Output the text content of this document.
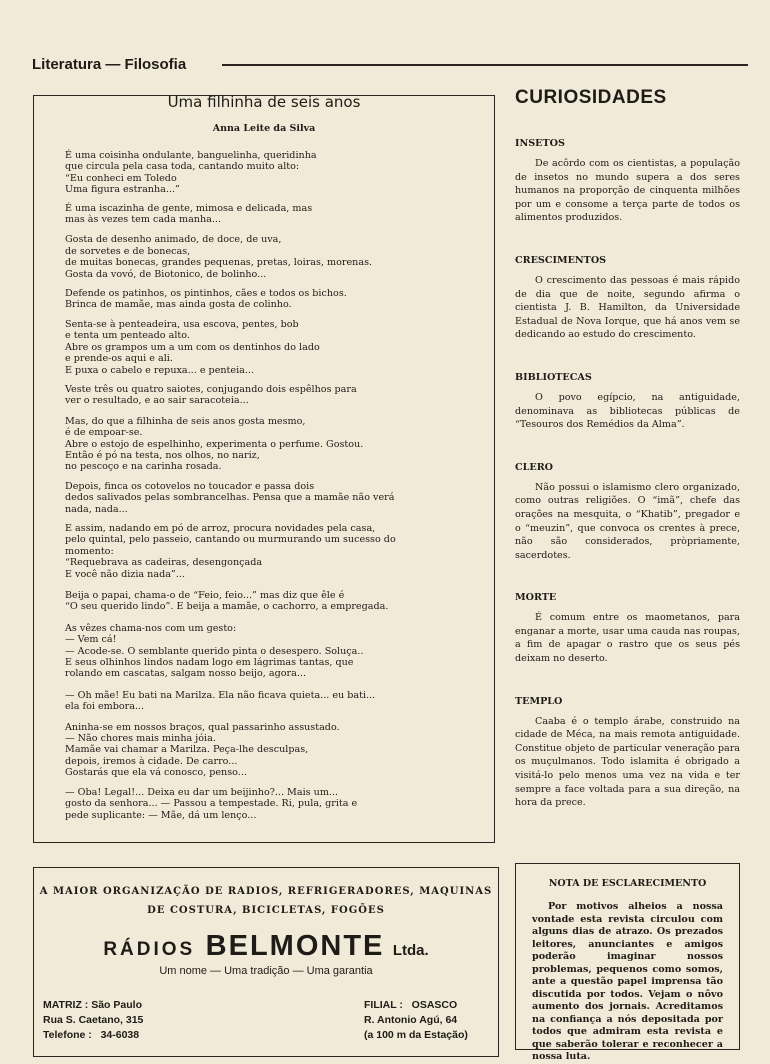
Literatura — Filosofia
Uma filhinha de seis anos
Anna Leite da Silva

É uma coisinha ondulante, banguelinha, queridinha
que circula pela casa toda, cantando muito alto:
“Eu conheci em Toledo
Uma figura estranha...”

É uma iscazinha de gente, mimosa e delicada, mas
mas às vezes tem cada manha...

Gosta de desenho animado, de doce, de uva,
de sorvetes e de bonecas,
de muitas bonecas, grandes pequenas, pretas, loiras, morenas.
Gosta da vovó, de Biotonico, de bolinho...

Defende os patinhos, os pintinhos, cães e todos os bichos.
Brinca de mamãe, mas ainda gosta de colinho.

Senta-se à penteadeira, usa escova, pentes, bob
e tenta um penteado alto.
Abre os grampos um a um com os dentinhos do lado
e prende-os aqui e ali.
E puxa o cabelo e repuxa... e penteia...

Veste três ou quatro saiotes, conjugando dois espêlhos para
ver o resultado, e ao sair saracoteia...

Mas, do que a filhinha de seis anos gosta mesmo,
é de empoar-se.
Abre o estojo de espelhinho, experimenta o perfume. Gostou.
Então é pó na testa, nos olhos, no nariz,
no pescoço e na carinha rosada.

Depois, finca os cotovelos no toucador e passa dois
dedos salivados pelas sombrancelhas. Pensa que a mamãe não verá
nada, nada...

E assim, nadando em pó de arroz, procura novidades pela casa,
pelo quintal, pelo passeio, cantando ou murmurando um sucesso do
momento:
“Requebrava as cadeiras, desengonçada
E você não dizia nada”...

Beija o papai, chama-o de “Feio, feio...” mas diz que êle é
“O seu querido lindo”. E beija a mamãe, o cachorro, a empregada.

As vêzes chama-nos com um gesto:
— Vem cá!
— Acode-se. O semblante querido pinta o desespero. Soluça..
E seus olhinhos lindos nadam logo em lágrimas tantas, que
rolando em cascatas, salgam nosso beijo, agora...

— Oh mãe! Eu bati na Marilza. Ela não ficava quieta... eu bati...
ela foi embora...

Aninha-se em nossos braços, qual passarinho assustado.
— Não chores mais minha jóia.
Mamãe vai chamar a Marilza. Peça-lhe desculpas,
depois, iremos à cidade. De carro...
Gostarás que ela vá conosco, penso...

— Oba! Legal!... Deixa eu dar um beijinho?... Mais um...
gosto da senhora... — Passou a tempestade. Ri, pula, grita e
pede suplicante: — Mãe, dá um lenço...

CURIOSIDADES
INSETOS

De acôrdo com os cientistas, a população de insetos no mundo supera a dos seres humanos na proporção de cinquenta milhões por um e consome a terça parte de todos os alimentos produzidos.

CRESCIMENTOS

O crescimento das pessoas é mais rápido de dia que de noite, segundo afirma o cientista J. B. Hamilton, da Universidade Estadual de Nova Iorque, que há anos vem se dedicando ao estudo do crescimento.

BIBLIOTECAS

O povo egípcio, na antiguidade, denominava as bibliotecas públicas de “Tesouros dos Remédios da Alma”.

CLERO

Não possui o islamismo clero organizado, como outras religiões. O “imã”, chefe das orações na mesquita, o “Khatib”, pregador e o “meuzin”, que convoca os crentes à prece, não são considerados, pròpriamente, sacerdotes.

MORTE

É comum entre os maometanos, para enganar a morte, usar uma cauda nas roupas, a fim de apagar o rastro que os seus pés deixam no deserto.

TEMPLO

Caaba é o templo árabe, construido na cidade de Méca, na mais remota antiguidade. Constitue objeto de particular veneração para os muçulmanos. Todo islamita é obrigado a visitá-lo pelo menos uma vez na vida e ter sempre a face voltada para a sua direção, na hora da prece.

A MAIOR ORGANIZAÇÃO DE RADIOS, REFRIGERADORES, MAQUINAS
DE COSTURA, BICICLETAS, FOGÕES
RÁDIOS BELMONTE Ltda.
Um nome — Uma tradição — Uma garantia
MATRIZ : São Paulo
Rua S. Caetano, 315
Telefone : 34-6038
FILIAL : OSASCO
R. Antonio Agú, 64
(a 100 m da Estação)
NOTA DE ESCLARECIMENTO

Por motivos alheios a nossa vontade esta revista circulou com alguns dias de atrazo. Os prezados leitores, anunciantes e amigos poderão imaginar nossos problemas, pequenos como somos, ante a questão papel imprensa tão discutida por todos. Vejam o nôvo aumento dos jornais. Acreditamos na confiança a nós depositada por todos que admiram esta revista e que saberão tolerar e reconhecer a nossa luta.
